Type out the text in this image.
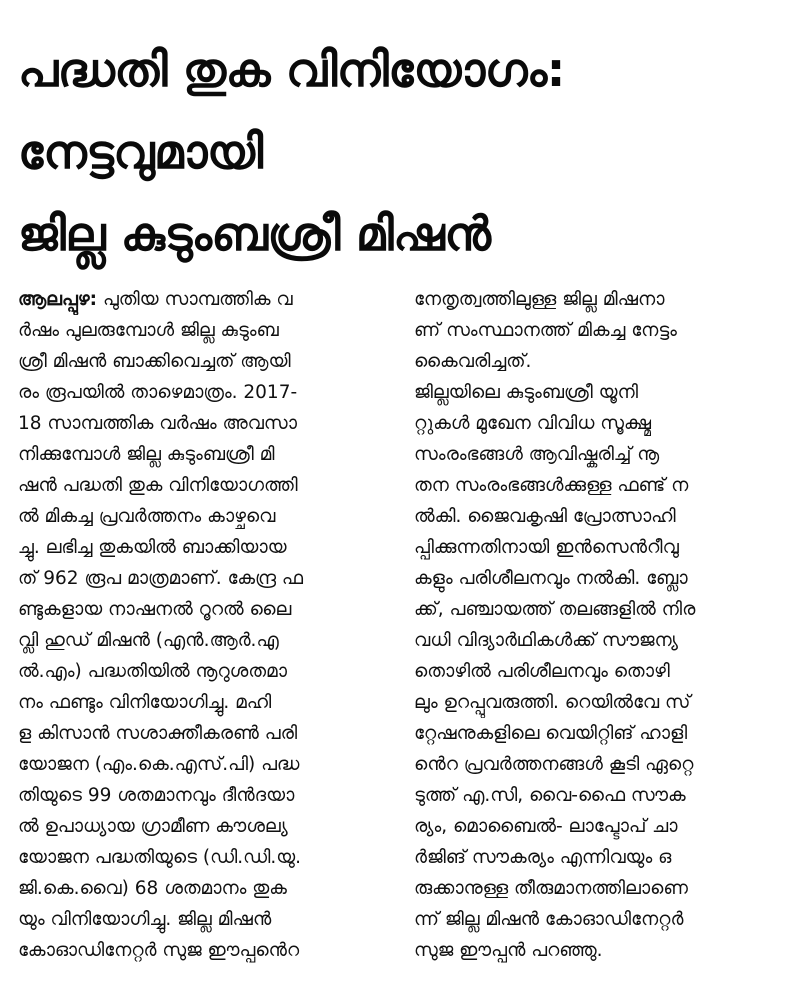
പദ്ധതി തുക വിനിയോഗം:
നേട്ടവുമായി
ജില്ല കുടുംബശ്രീ മിഷൻ
ആലപ്പുഴ: പുതിയ സാമ്പത്തിക വ
ർഷം പുലരുമ്പോൾ ജില്ല കുടുംബ
ശ്രീ മിഷൻ ബാക്കിവെച്ചത് ആയി
രം രൂപയിൽ താഴെമാത്രം. 2017-
18 സാമ്പത്തിക വർഷം അവസാ
നിക്കുമ്പോൾ ജില്ല കുടുംബശ്രീ മി
ഷൻ പദ്ധതി തുക വിനിയോഗത്തി
ൽ മികച്ച പ്രവർത്തനം കാഴ്ചവെ
ച്ചു. ലഭിച്ച തുകയിൽ ബാക്കിയായ
ത് 962 രൂപ മാത്രമാണ്. കേന്ദ്ര ഫ
ണ്ടുകളായ നാഷനൽ റൂറൽ ലൈ
വ്ലി ഹുഡ് മിഷൻ (എൻ.ആർ.എ
ൽ.എം) പദ്ധതിയിൽ നൂറുശതമാ
നം ഫണ്ടും വിനിയോഗിച്ചു. മഹി
ള കിസാൻ സശാക്തീകരൺ പരി
യോജന (എം.കെ.എസ്.പി) പദ്ധ
തിയുടെ 99 ശതമാനവും ദീൻദയാ
ൽ ഉപാധ്യായ ഗ്രാമീണ കൗശല്യ
യോജന പദ്ധതിയുടെ (ഡി.ഡി.യു.
ജി.കെ.വൈ) 68 ശതമാനം തുക
യും വിനിയോഗിച്ചു. ജില്ല മിഷൻ
കോഓഡിനേറ്റർ സുജ ഈപ്പൻെറ
നേതൃത്വത്തിലുള്ള ജില്ല മിഷനാ
ണ് സംസ്ഥാനത്ത് മികച്ച നേട്ടം
കൈവരിച്ചത്.
ജില്ലയിലെ കുടുംബശ്രീ യൂനി
റ്റുകൾ മുഖേന വിവിധ സൂക്ഷ്മ
സംരംഭങ്ങൾ ആവിഷ്കരിച്ച് നൂ
തന സംരംഭങ്ങൾക്കുള്ള ഫണ്ട് ന
ൽകി. ജൈവകൃഷി പ്രോത്സാഹി
പ്പിക്കുന്നതിനായി ഇൻസെൻറീവു
കളും പരിശീലനവും നൽകി. ബ്ലോ
ക്ക്, പഞ്ചായത്ത് തലങ്ങളിൽ നിര
വധി വിദ്യാർഥികൾക്ക് സൗജന്യ
തൊഴിൽ പരിശീലനവും തൊഴി
ലും ഉറപ്പുവരുത്തി. റെയിൽവേ സ്
റ്റേഷനുകളിലെ വെയിറ്റിങ് ഹാളി
ൻെറ പ്രവർത്തനങ്ങൾ കൂടി ഏറ്റെ
ടുത്ത് എ.സി, വൈ-ഫൈ സൗക
ര്യം, മൊബൈൽ- ലാപ്ടോപ് ചാ
ർജിങ് സൗകര്യം എന്നിവയും ഒ
രുക്കാനുള്ള തീരുമാനത്തിലാണെ
ന്ന് ജില്ല മിഷൻ കോഓഡിനേറ്റർ
സുജ ഈപ്പൻ പറഞ്ഞു.
